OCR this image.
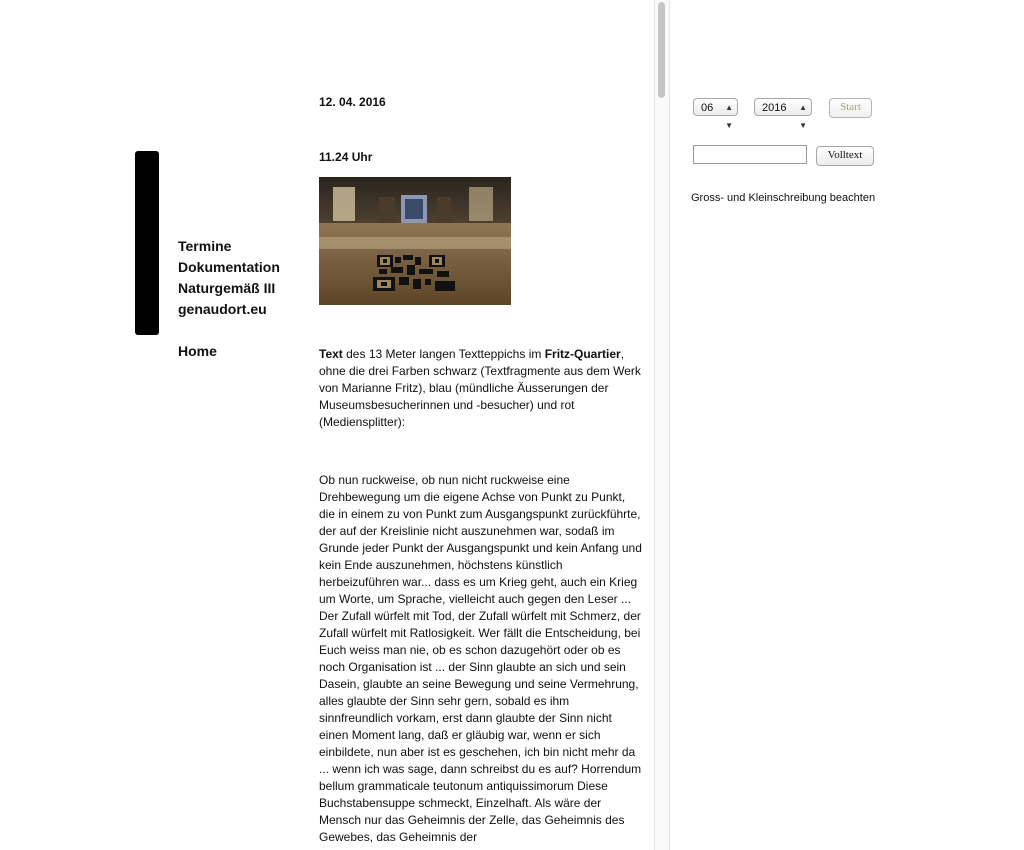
Termine
Dokumentation
Naturgemäß III
genaudort.eu
Home
12. 04. 2016
11.24 Uhr

Text des 13 Meter langen Textteppichs im Fritz-Quartier, ohne die drei Farben schwarz (Textfragmente aus dem Werk von Marianne Fritz), blau (mündliche Äusserungen der Museumsbesucherinnen und -besucher) und rot (Mediensplitter):

Ob nun ruckweise, ob nun nicht ruckweise eine Drehbewegung um die eigene Achse von Punkt zu Punkt, die in einem zu von Punkt zum Ausgangspunkt zurückführte, der auf der Kreislinie nicht auszunehmen war, sodaß im Grunde jeder Punkt der Ausgangspunkt und kein Anfang und kein Ende auszunehmen, höchstens künstlich herbeizuführen war... dass es um Krieg geht, auch ein Krieg um Worte, um Sprache, vielleicht auch gegen den Leser ... Der Zufall würfelt mit Tod, der Zufall würfelt mit Schmerz, der Zufall würfelt mit Ratlosigkeit. Wer fällt die Entscheidung, bei Euch weiss man nie, ob es schon dazugehört oder ob es noch Organisation ist ... der Sinn glaubte an sich und sein Dasein, glaubte an seine Bewegung und seine Vermehrung, alles glaubte der Sinn sehr gern, sobald es ihm sinnfreundlich vorkam, erst dann glaubte der Sinn nicht einen Moment lang, daß er gläubig war, wenn er sich einbildete, nun aber ist es geschehen, ich bin nicht mehr da ... wenn ich was sage, dann schreibst du es auf? Horrendum bellum grammaticale teutonum antiquissimorum Diese Buchstabensuppe schmeckt, Einzelhaft. Als wäre der Mensch nur das Geheimnis der Zelle, das Geheimnis des Gewebes, das Geheimnis der

06 ▲
▼
2016 ▲
▼
Start
Volltext
Gross- und Kleinschreibung beachten
